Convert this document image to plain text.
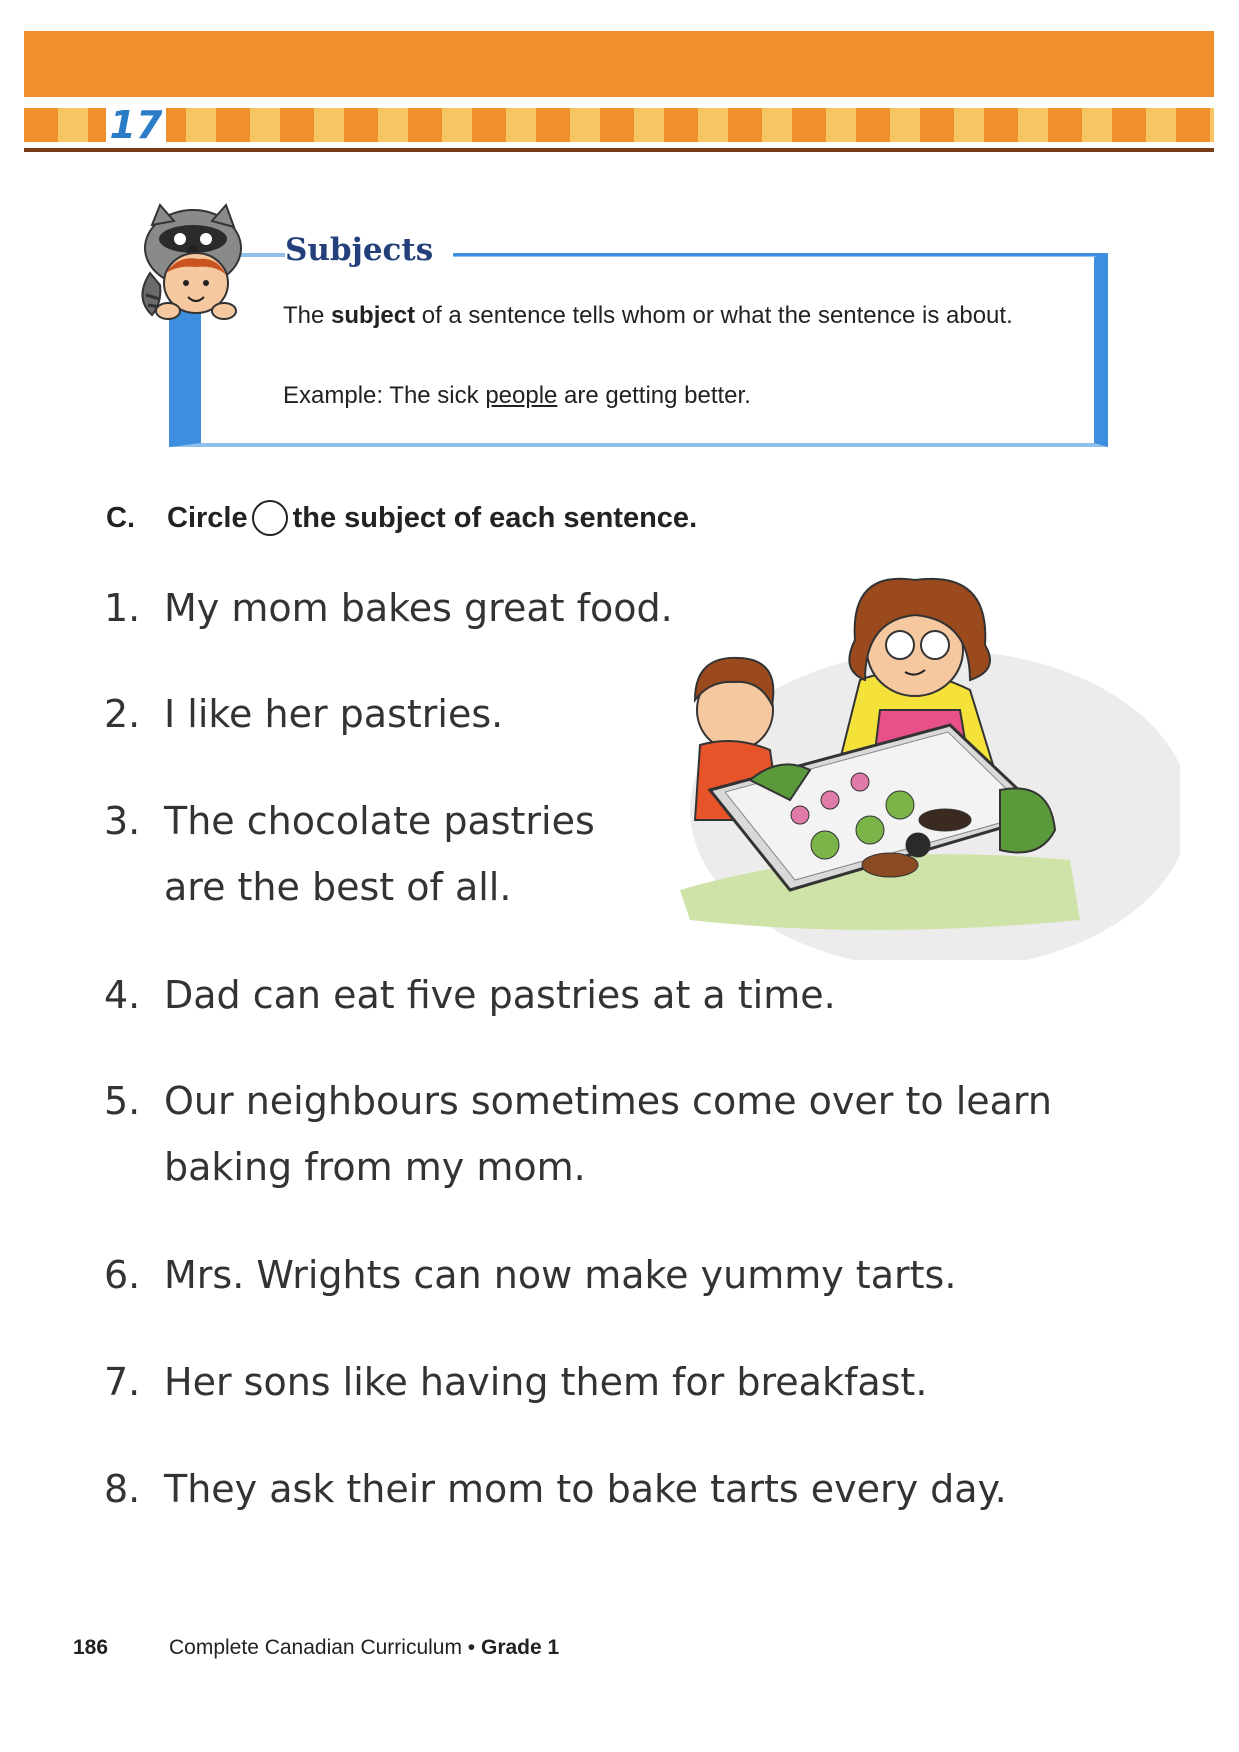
17
Subjects
The subject of a sentence tells whom or what the sentence is about.
Example: The sick people are getting better.
C. Circle the subject of each sentence.
1. My mom bakes great food.
2. I like her pastries.
3. The chocolate pastries
are the best of all.
4. Dad can eat five pastries at a time.
5. Our neighbours sometimes come over to learn
baking from my mom.
6. Mrs. Wrights can now make yummy tarts.
7. Her sons like having them for breakfast.
8. They ask their mom to bake tarts every day.
186	Complete Canadian Curriculum • Grade 1
